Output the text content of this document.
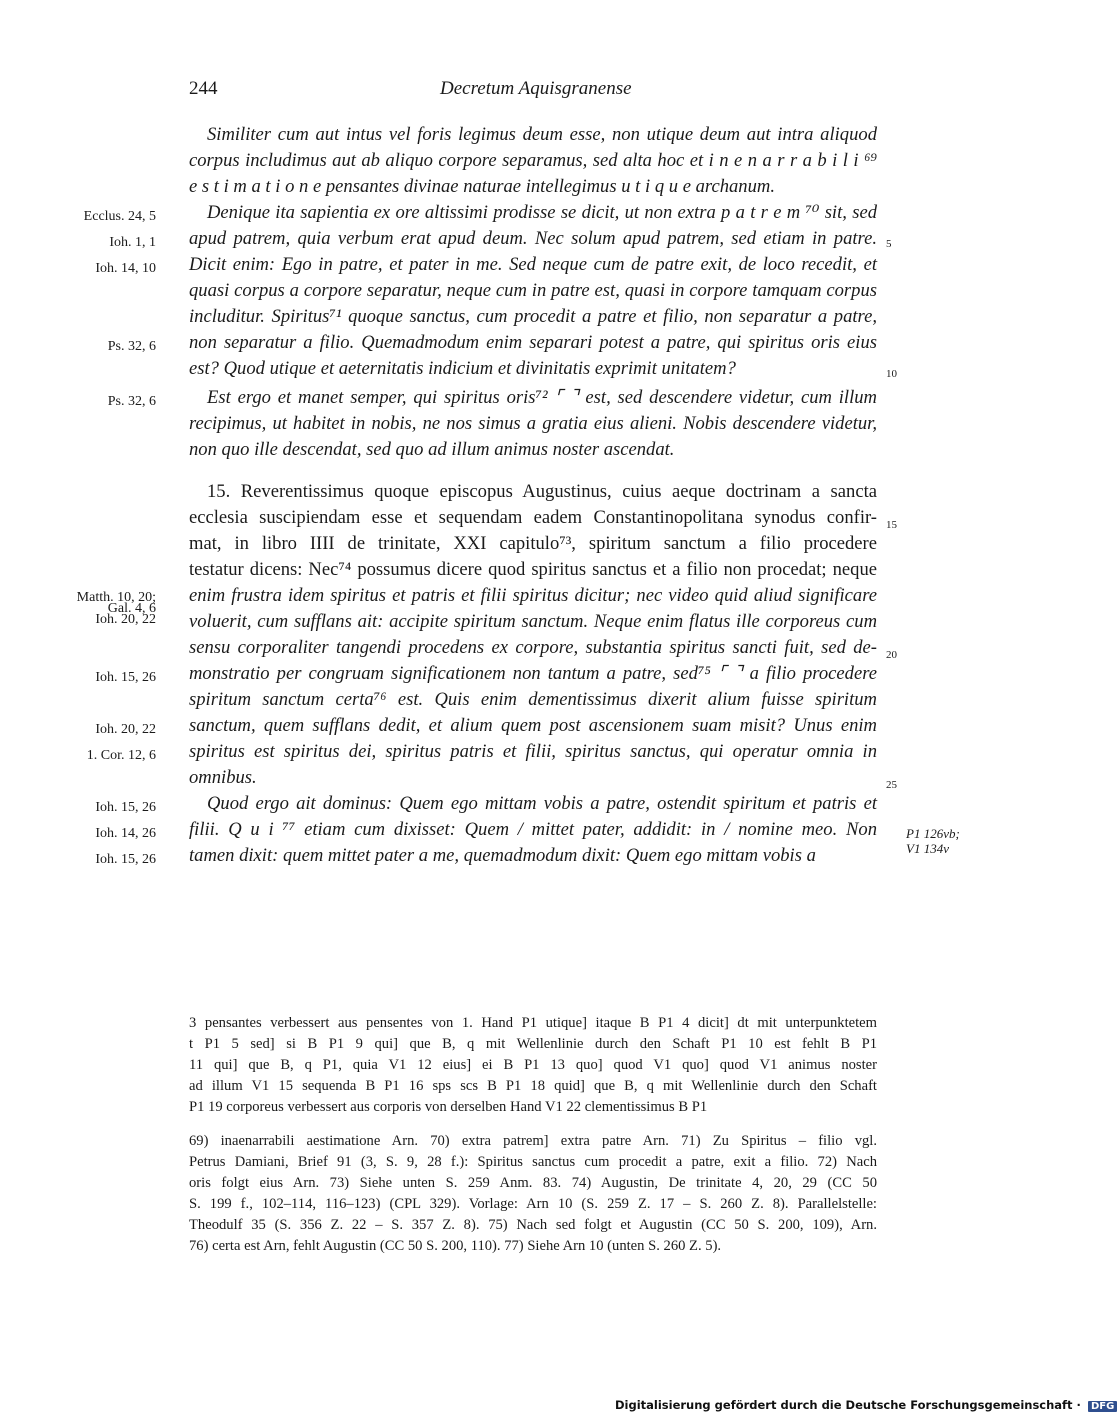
244	Decretum Aquisgranense
Similiter cum aut intus vel foris legimus deum esse, non utique deum aut intra aliquod
corpus includimus aut ab aliquo corpore separamus, sed alta hoc et i n e n a r r a b i l i ⁶⁹
e s t i m a t i o n e pensantes divinae naturae intellegimus u t i q u e archanum.
Denique ita sapientia ex ore altissimi prodisse se dicit, ut non extra p a t r e m ⁷⁰ sit, sed
apud patrem, quia verbum erat apud deum. Nec solum apud patrem, sed etiam in patre.
Dicit enim: Ego in patre, et pater in me. Sed neque cum de patre exit, de loco recedit, et
quasi corpus a corpore separatur, neque cum in patre est, quasi in corpore tamquam corpus
includitur. Spiritus⁷¹ quoque sanctus, cum procedit a patre et filio, non separatur a patre,
non separatur a filio. Quemadmodum enim separari potest a patre, qui spiritus oris eius
est? Quod utique et aeternitatis indicium et divinitatis exprimit unitatem?
Est ergo et manet semper, qui spiritus oris⁷² ⌜ ⌝ est, sed descendere videtur, cum illum
recipimus, ut habitet in nobis, ne nos simus a gratia eius alieni. Nobis descendere videtur,
non quo ille descendat, sed quo ad illum animus noster ascendat.
15. Reverentissimus quoque episcopus Augustinus, cuius aeque doctrinam a sancta
ecclesia suscipiendam esse et sequendam eadem Constantinopolitana synodus confir-
mat, in libro IIII de trinitate, XXI capitulo⁷³, spiritum sanctum a filio procedere
testatur dicens: Nec⁷⁴ possumus dicere quod spiritus sanctus et a filio non procedat; neque
enim frustra idem spiritus et patris et filii spiritus dicitur; nec video quid aliud significare
voluerit, cum sufflans ait: accipite spiritum sanctum. Neque enim flatus ille corporeus cum
sensu corporaliter tangendi procedens ex corpore, substantia spiritus sancti fuit, sed de-
monstratio per congruam significationem non tantum a patre, sed⁷⁵ ⌜ ⌝ a filio procedere
spiritum sanctum certa⁷⁶ est. Quis enim dementissimus dixerit alium fuisse spiritum
sanctum, quem sufflans dedit, et alium quem post ascensionem suam misit? Unus enim
spiritus est spiritus dei, spiritus patris et filii, spiritus sanctus, qui operatur omnia in
omnibus.
Quod ergo ait dominus: Quem ego mittam vobis a patre, ostendit spiritum et patris et
filii. Q u i ⁷⁷ etiam cum dixisset: Quem / mittet pater, addidit: in / nomine meo. Non
tamen dixit: quem mittet pater a me, quemadmodum dixit: Quem ego mittam vobis a
Ecclus. 24, 5
Ioh. 1, 1
Ioh. 14, 10
Ps. 32, 6
Ps. 32, 6
Matth. 10, 20;
Gal. 4, 6
Ioh. 20, 22
Ioh. 15, 26
Ioh. 20, 22
1. Cor. 12, 6
Ioh. 15, 26
Ioh. 14, 26
Ioh. 15, 26
5
10
15
20
25
P1 126vb;
V1 134v
3 pensantes verbessert aus pensentes von 1. Hand P1 utique] itaque B P1 4 dicit] dt mit unterpunktetem
t P1 5 sed] si B P1 9 qui] que B, q mit Wellenlinie durch den Schaft P1 10 est fehlt B P1
11 qui] que B, q P1, quia V1 12 eius] ei B P1 13 quo] quod V1 quo] quod V1 animus noster
ad illum V1 15 sequenda B P1 16 sps scs B P1 18 quid] que B, q mit Wellenlinie durch den Schaft
P1 19 corporeus verbessert aus corporis von derselben Hand V1 22 clementissimus B P1
69) inaenarrabili aestimatione Arn. 70) extra patrem] extra patre Arn. 71) Zu Spiritus – filio vgl.
Petrus Damiani, Brief 91 (3, S. 9, 28 f.): Spiritus sanctus cum procedit a patre, exit a filio. 72) Nach
oris folgt eius Arn. 73) Siehe unten S. 259 Anm. 83. 74) Augustin, De trinitate 4, 20, 29 (CC 50
S. 199 f., 102–114, 116–123) (CPL 329). Vorlage: Arn 10 (S. 259 Z. 17 – S. 260 Z. 8). Parallelstelle:
Theodulf 35 (S. 356 Z. 22 – S. 357 Z. 8). 75) Nach sed folgt et Augustin (CC 50 S. 200, 109), Arn.
76) certa est Arn, fehlt Augustin (CC 50 S. 200, 110). 77) Siehe Arn 10 (unten S. 260 Z. 5).
Digitalisierung gefördert durch die Deutsche Forschungsgemeinschaft · DFG
